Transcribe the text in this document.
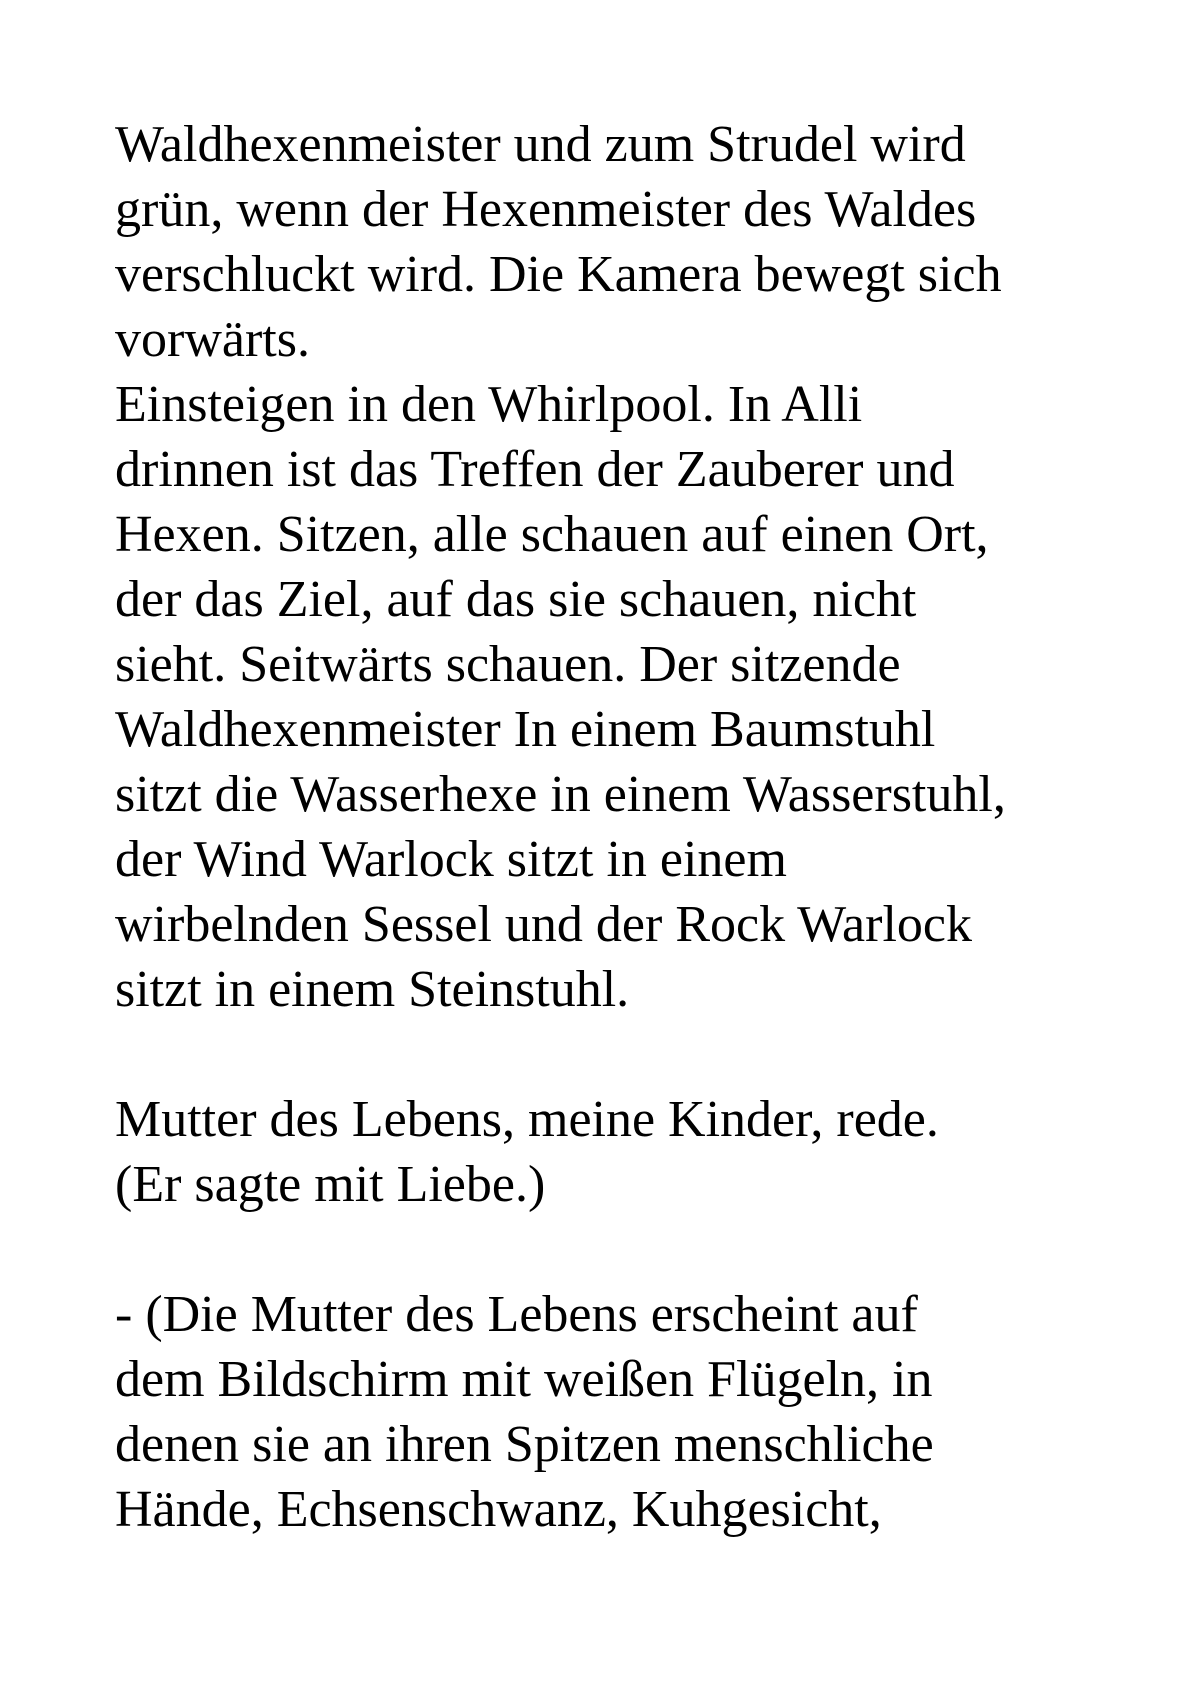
Waldhexenmeister und zum Strudel wird
grün, wenn der Hexenmeister des Waldes
verschluckt wird. Die Kamera bewegt sich
vorwärts.
Einsteigen in den Whirlpool. In Alli
drinnen ist das Treffen der Zauberer und
Hexen. Sitzen, alle schauen auf einen Ort,
der das Ziel, auf das sie schauen, nicht
sieht. Seitwärts schauen. Der sitzende
Waldhexenmeister In einem Baumstuhl
sitzt die Wasserhexe in einem Wasserstuhl,
der Wind Warlock sitzt in einem
wirbelnden Sessel und der Rock Warlock
sitzt in einem Steinstuhl.
Mutter des Lebens, meine Kinder, rede.
(Er sagte mit Liebe.)
- (Die Mutter des Lebens erscheint auf
dem Bildschirm mit weißen Flügeln, in
denen sie an ihren Spitzen menschliche
Hände, Echsenschwanz, Kuhgesicht,
